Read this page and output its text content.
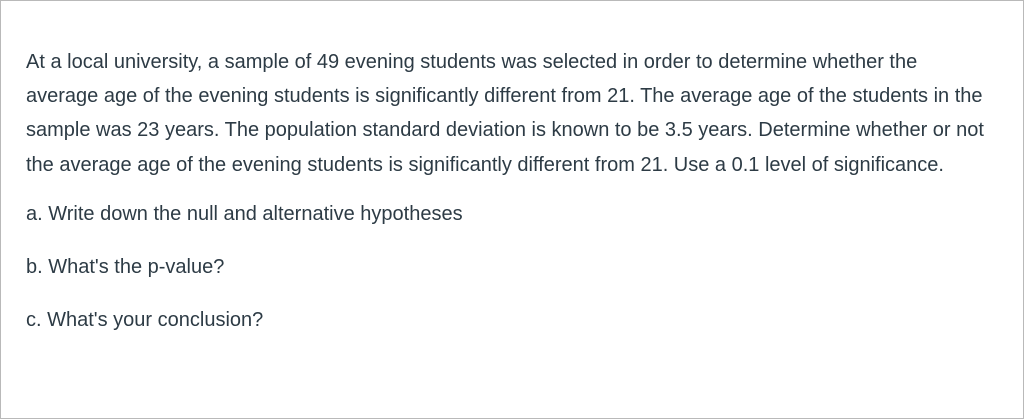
At a local university, a sample of 49 evening students was selected in order to determine whether the average age of the evening students is significantly different from 21. The average age of the students in the sample was 23 years. The population standard deviation is known to be 3.5 years. Determine whether or not the average age of the evening students is significantly different from 21. Use a 0.1 level of significance.

a. Write down the null and alternative hypotheses

b. What's the p-value?

c. What's your conclusion?
